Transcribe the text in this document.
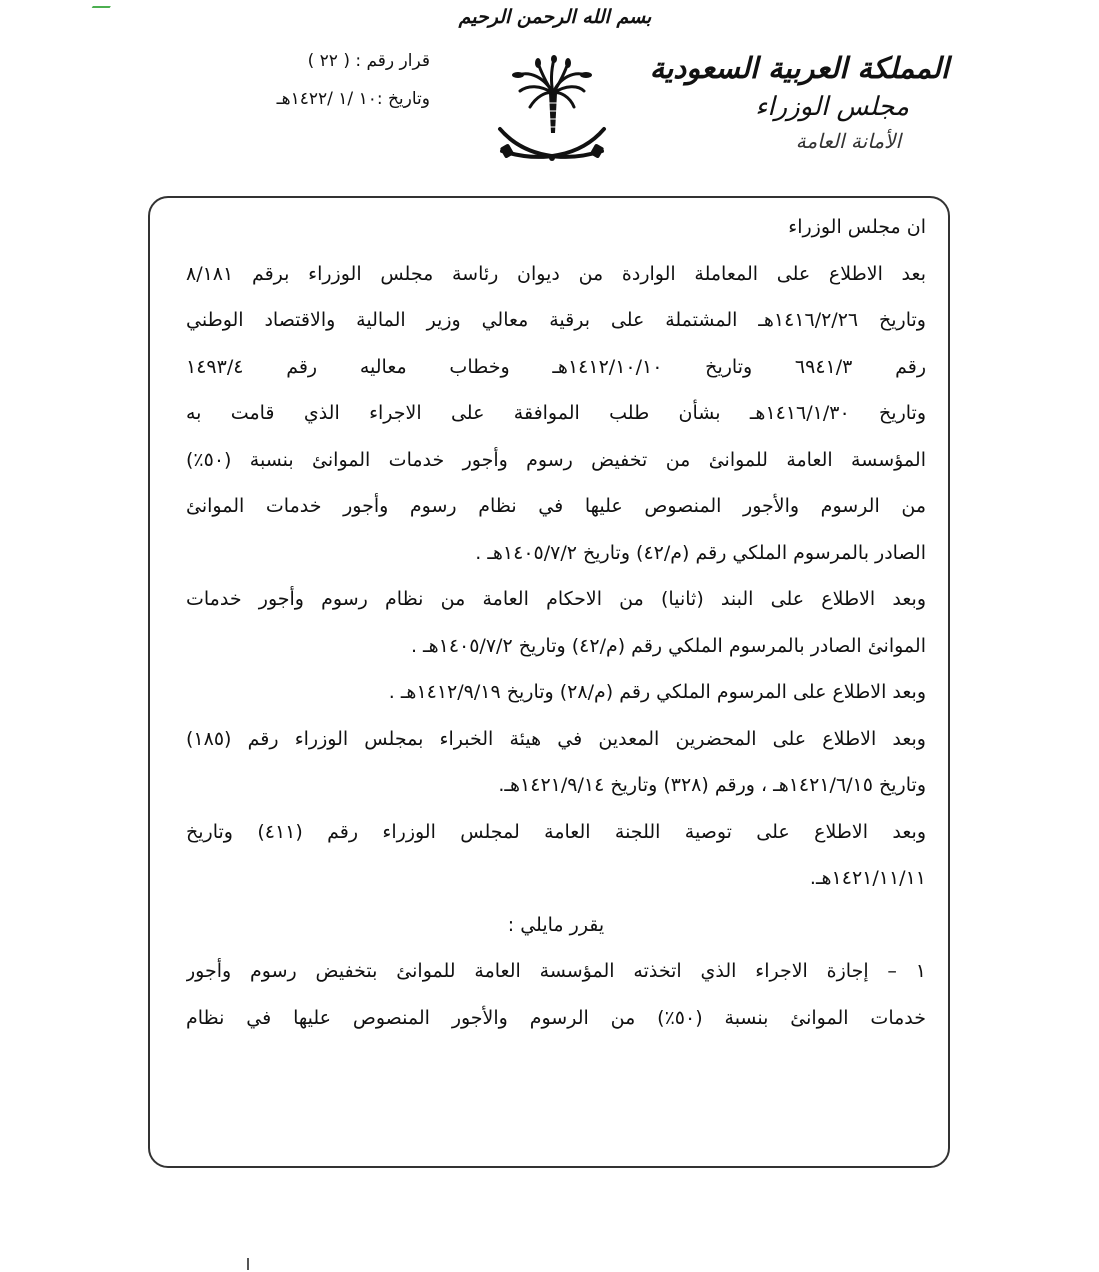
بسم الله الرحمن الرحيم
المملكة العربية السعودية
مجلس الوزراء
الأمانة العامة
قرار رقم : ( ٢٢ )
وتاريخ :١٠ /١ /١٤٢٢هـ
ان مجلس الوزراء
بعد الاطلاع على المعاملة الواردة من ديوان رئاسة مجلس الوزراء برقم ٨/١٨١
وتاريخ ١٤١٦/٢/٢٦هـ المشتملة على برقية معالي وزير المالية والاقتصاد الوطني
رقم ٦٩٤١/٣ وتاريخ ١٤١٢/١٠/١٠هـ وخطاب معاليه رقم ١٤٩٣/٤
وتاريخ ١٤١٦/١/٣٠هـ بشأن طلب الموافقة على الاجراء الذي قامت به
المؤسسة العامة للموانئ من تخفيض رسوم وأجور خدمات الموانئ بنسبة (٥٠٪)
من الرسوم والأجور المنصوص عليها في نظام رسوم وأجور خدمات الموانئ
الصادر بالمرسوم الملكي رقم (م/٤٢) وتاريخ ١٤٠٥/٧/٢هـ .
وبعد الاطلاع على البند (ثانيا) من الاحكام العامة من نظام رسوم وأجور خدمات
الموانئ الصادر بالمرسوم الملكي رقم (م/٤٢) وتاريخ ١٤٠٥/٧/٢هـ .
وبعد الاطلاع على المرسوم الملكي رقم (م/٢٨) وتاريخ ١٤١٢/٩/١٩هـ .
وبعد الاطلاع على المحضرين المعدين في هيئة الخبراء بمجلس الوزراء رقم (١٨٥)
وتاريخ ١٤٢١/٦/١٥هـ ، ورقم (٣٢٨) وتاريخ ١٤٢١/٩/١٤هـ.
وبعد الاطلاع على توصية اللجنة العامة لمجلس الوزراء رقم (٤١١) وتاريخ
١٤٢١/١١/١١هـ.
يقرر مايلي :
١ – إجازة الاجراء الذي اتخذته المؤسسة العامة للموانئ بتخفيض رسوم وأجور
خدمات الموانئ بنسبة (٥٠٪) من الرسوم والأجور المنصوص عليها في نظام
